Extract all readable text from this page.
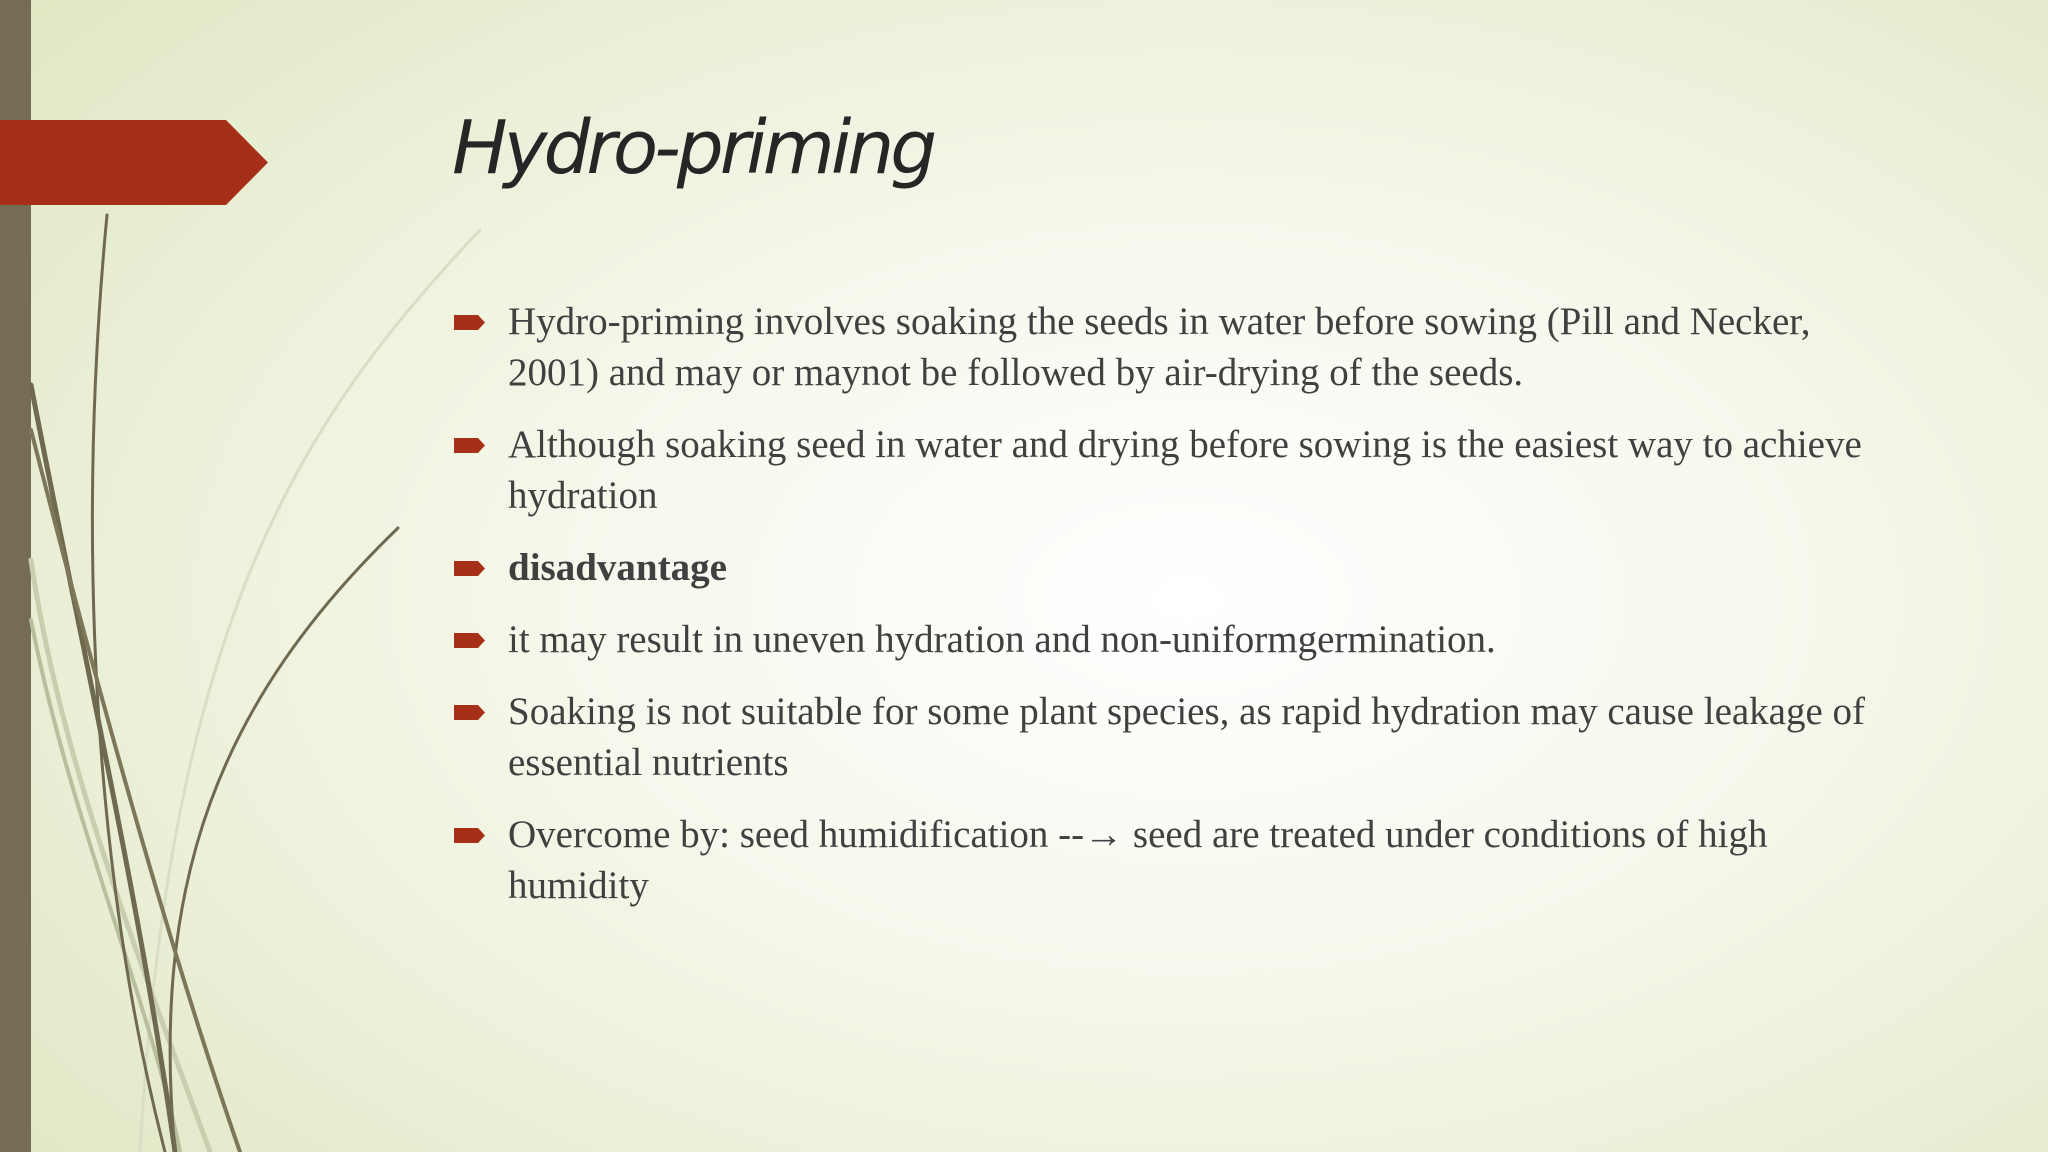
Hydro-priming
Hydro-priming involves soaking the seeds in water before sowing (Pill and Necker, 2001) and may or maynot be followed by air-drying of the seeds.
Although soaking seed in water and drying before sowing is the easiest way to achieve hydration
disadvantage
it may result in uneven hydration and non-uniformgermination.
Soaking is not suitable for some plant species, as rapid hydration may cause leakage of essential nutrients
Overcome by: seed humidification --→ seed are treated under conditions of high humidity
